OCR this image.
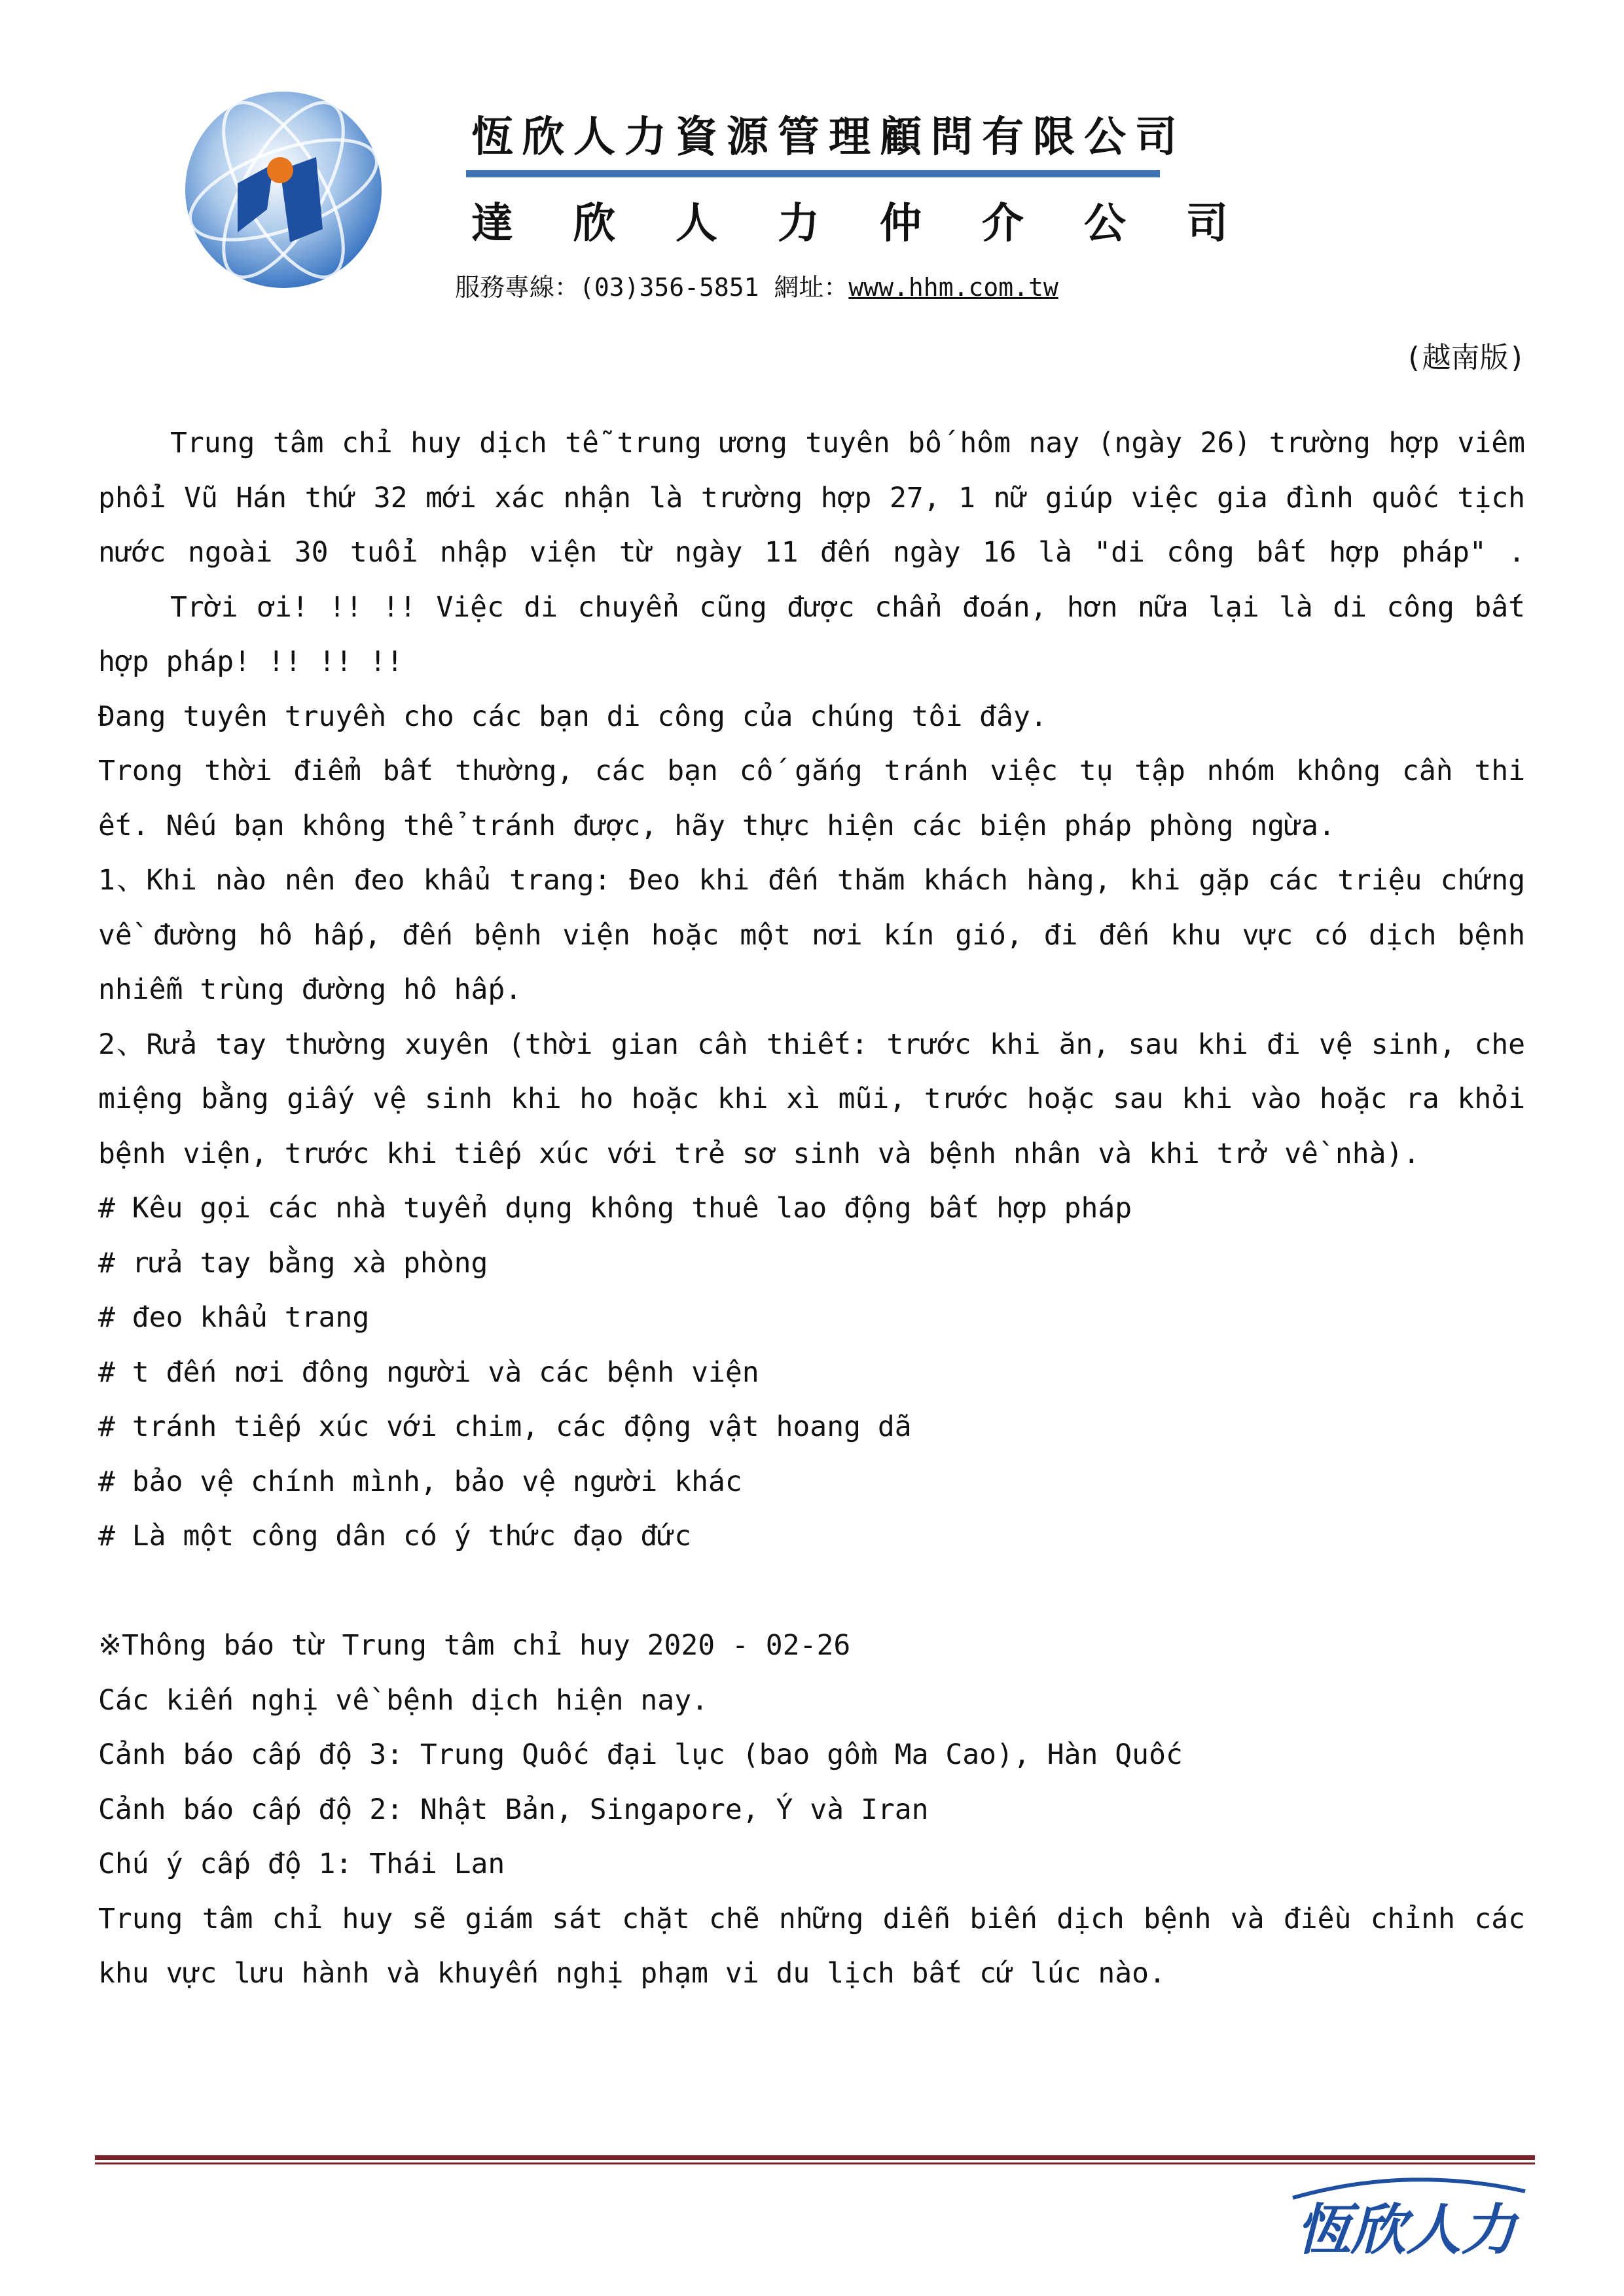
恆欣人力資源管理顧問有限公司
達欣人力仲介公司
服務專線：(03)356-5851 網址：www.hhm.com.tw
(越南版)

Trung tâm chỉ huy dịch tễ trung ương tuyên bố hôm nay (ngày 26) trường hợp viêm

phổi Vũ Hán thứ 32 mới xác nhận là trường hợp 27, 1 nữ giúp việc gia đình quốc tịch

nước ngoài 30 tuổi nhập viện từ ngày 11 đến ngày 16 là "di công bất hợp pháp" .

Trời ơi! !! !! Việc di chuyển cũng được chẩn đoán, hơn nữa lại là di công bất

hợp pháp! !! !! !!

Đang tuyên truyền cho các bạn di công của chúng tôi đây.

Trong thời điểm bất thường, các bạn cố gắng tránh việc tụ tập nhóm không cần thi

ết. Nếu bạn không thể tránh được, hãy thực hiện các biện pháp phòng ngừa.

1、Khi nào nên đeo khẩu trang: Đeo khi đến thăm khách hàng, khi gặp các triệu chứng

về đường hô hấp, đến bệnh viện hoặc một nơi kín gió, đi đến khu vực có dịch bệnh

nhiễm trùng đường hô hấp.

2、Rửa tay thường xuyên (thời gian cần thiết: trước khi ăn, sau khi đi vệ sinh, che

miệng bằng giấy vệ sinh khi ho hoặc khi xì mũi, trước hoặc sau khi vào hoặc ra khỏi

bệnh viện, trước khi tiếp xúc với trẻ sơ sinh và bệnh nhân và khi trở về nhà).

# Kêu gọi các nhà tuyển dụng không thuê lao động bất hợp pháp

# rửa tay bằng xà phòng

# đeo khẩu trang

# t đến nơi đông người và các bệnh viện

# tránh tiếp xúc với chim, các động vật hoang dã

# bảo vệ chính mình, bảo vệ người khác

# Là một công dân có ý thức đạo đức

※Thông báo từ Trung tâm chỉ huy 2020 - 02-26

Các kiến nghị về bệnh dịch hiện nay.

Cảnh báo cấp độ 3: Trung Quốc đại lục (bao gồm Ma Cao), Hàn Quốc

Cảnh báo cấp độ 2: Nhật Bản, Singapore, Ý và Iran

Chú ý cấp độ 1: Thái Lan

Trung tâm chỉ huy sẽ giám sát chặt chẽ những diễn biến dịch bệnh và điều chỉnh các

khu vực lưu hành và khuyến nghị phạm vi du lịch bất cứ lúc nào.

恆欣人力
